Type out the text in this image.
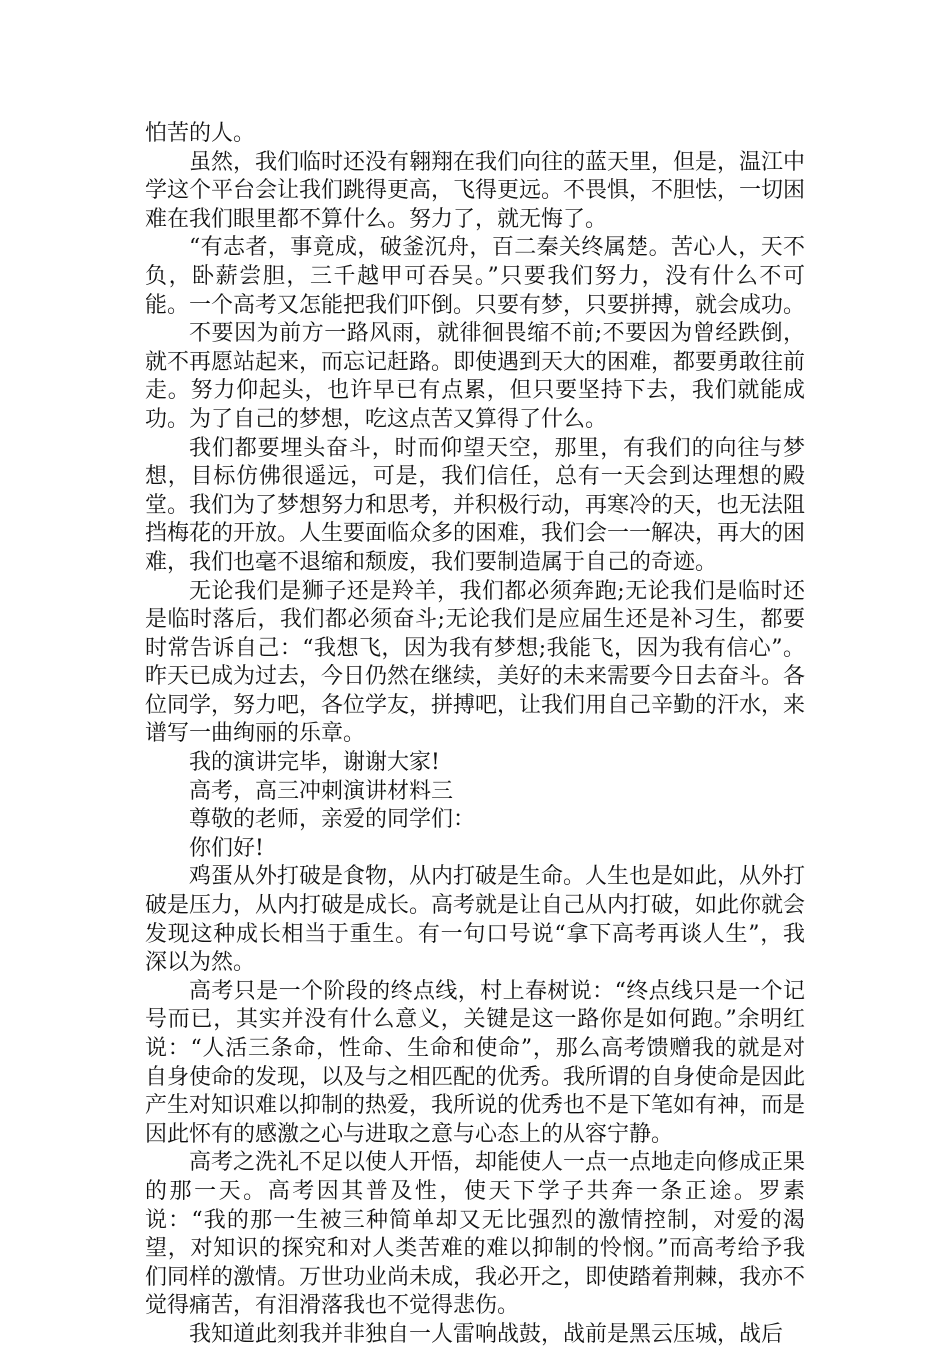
怕苦的人。

虽然，我们临时还没有翱翔在我们向往的蓝天里，但是，温江中学这个平台会让我们跳得更高，飞得更远。不畏惧，不胆怯，一切困难在我们眼里都不算什么。努力了，就无悔了。

“有志者，事竟成，破釜沉舟，百二秦关终属楚。苦心人，天不负，卧薪尝胆，三千越甲可吞吴。”只要我们努力，没有什么不可能。一个高考又怎能把我们吓倒。只要有梦，只要拼搏，就会成功。

不要因为前方一路风雨，就徘徊畏缩不前;不要因为曾经跌倒，就不再愿站起来，而忘记赶路。即使遇到天大的困难，都要勇敢往前走。努力仰起头，也许早已有点累，但只要坚持下去，我们就能成功。为了自己的梦想，吃这点苦又算得了什么。

我们都要埋头奋斗，时而仰望天空，那里，有我们的向往与梦想，目标仿佛很遥远，可是，我们信任，总有一天会到达理想的殿堂。我们为了梦想努力和思考，并积极行动，再寒冷的天，也无法阻挡梅花的开放。人生要面临众多的困难，我们会一一解决，再大的困难，我们也毫不退缩和颓废，我们要制造属于自己的奇迹。

无论我们是狮子还是羚羊，我们都必须奔跑;无论我们是临时还是临时落后，我们都必须奋斗;无论我们是应届生还是补习生，都要时常告诉自己：“我想飞，因为我有梦想;我能飞，因为我有信心”。昨天已成为过去，今日仍然在继续，美好的未来需要今日去奋斗。各位同学，努力吧，各位学友，拼搏吧，让我们用自己辛勤的汗水，来谱写一曲绚丽的乐章。

我的演讲完毕，谢谢大家!

高考，高三冲刺演讲材料三

尊敬的老师，亲爱的同学们：

你们好!

鸡蛋从外打破是食物，从内打破是生命。人生也是如此，从外打破是压力，从内打破是成长。高考就是让自己从内打破，如此你就会发现这种成长相当于重生。有一句口号说“拿下高考再谈人生”，我深以为然。

高考只是一个阶段的终点线，村上春树说：“终点线只是一个记号而已，其实并没有什么意义，关键是这一路你是如何跑。”余明红说：“人活三条命，性命、生命和使命”，那么高考馈赠我的就是对自身使命的发现，以及与之相匹配的优秀。我所谓的自身使命是因此产生对知识难以抑制的热爱，我所说的优秀也不是下笔如有神，而是因此怀有的感激之心与进取之意与心态上的从容宁静。

高考之洗礼不足以使人开悟，却能使人一点一点地走向修成正果的那一天。高考因其普及性，使天下学子共奔一条正途。罗素说：“我的那一生被三种简单却又无比强烈的激情控制，对爱的渴望，对知识的探究和对人类苦难的难以抑制的怜悯。”而高考给予我们同样的激情。万世功业尚未成，我必开之，即使踏着荆棘，我亦不觉得痛苦，有泪滑落我也不觉得悲伤。

我知道此刻我并非独自一人雷响战鼓，战前是黑云压城，战后
